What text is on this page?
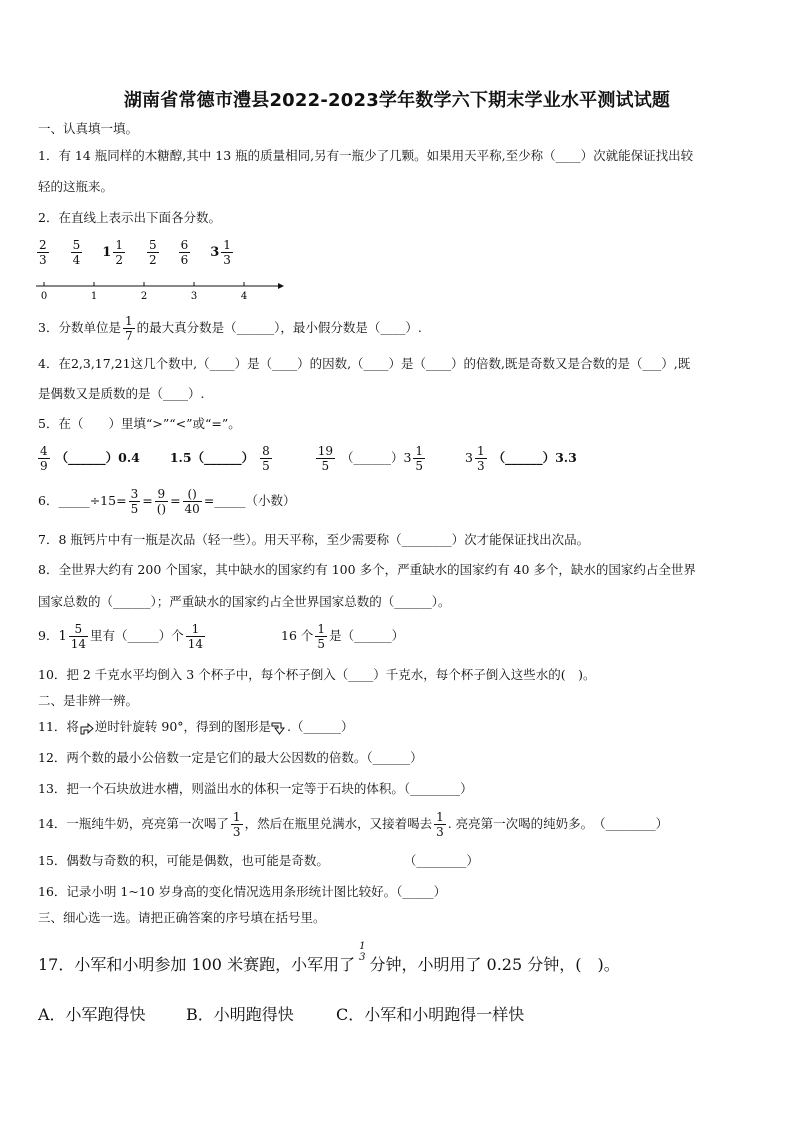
湖南省常德市澧县2022-2023学年数学六下期末学业水平测试试题
一、认真填一填。
1．有 14 瓶同样的木糖醇,其中 13 瓶的质量相同,另有一瓶少了几颗。如果用天平称,至少称（____）次就能保证找出较
轻的这瓶来。
2．在直线上表示出下面各分数。
$\frac{2}{3} \frac{5}{4} 1 \frac{1}{2} \frac{5}{2} \frac{6}{6} 3 \frac{1}{3}$
0	1	2	3	4
3．分数单位是 $\frac{1}{7}$ 的最大真分数是（______），最小假分数是（____）.
4．在2,3,17,21这几个数中,（____）是（____）的因数,（____）是（____）的倍数,既是奇数又是合数的是（___）,既
是偶数又是质数的是（____）.
5．在（　　）里填“>”“<”或“=”。
$\frac{4}{9}$ （______）0.4 1.5（______） $\frac{8}{5}$
	$\frac{19}{5}$ （______）3 $\frac{1}{5}$	$3 \frac{1}{3}$ （______）3.3
6．_____÷15= $\frac{3}{5} = \frac{9}{()} = \frac{()}{40}$ =_____（小数）
7．8 瓶钙片中有一瓶是次品（轻一些）。用天平称，至少需要称（________）次才能保证找出次品。
8．全世界大约有 200 个国家，其中缺水的国家约有 100 多个，严重缺水的国家约有 40 多个，缺水的国家约占全世界
国家总数的（______）；严重缺水的国家约占全世界国家总数的（______）。
9．$1 \frac{5}{14}$ 里有（_____）个 $\frac{1}{14}$	16 个 $\frac{1}{5}$ 是（______）
10．把 2 千克水平均倒入 3 个杯子中，每个杯子倒入（____）千克水，每个杯子倒入这些水的(　)。
二、是非辨一辨。
11．将 逆时针旋转 90°，得到的图形是 .（______）
12．两个数的最小公倍数一定是它们的最大公因数的倍数。（______）
13．把一个石块放进水槽，则溢出水的体积一定等于石块的体积。（________）
14．一瓶纯牛奶，亮亮第一次喝了 $\frac{1}{3}$ ，然后在瓶里兑满水，又接着喝去 $\frac{1}{3}$ . 亮亮第一次喝的纯奶多。　（________）
15．偶数与奇数的积，可能是偶数，也可能是奇数。　　　　　　　（________）
16．记录小明 1~10 岁身高的变化情况选用条形统计图比较好。（_____）
三、细心选一选。请把正确答案的序号填在括号里。
17．小军和小明参加 100 米赛跑，小军用了
1
3 分钟，小明用了 0.25 分钟，(　)。
A．小军跑得快	B．小明跑得快	C．小军和小明跑得一样快
